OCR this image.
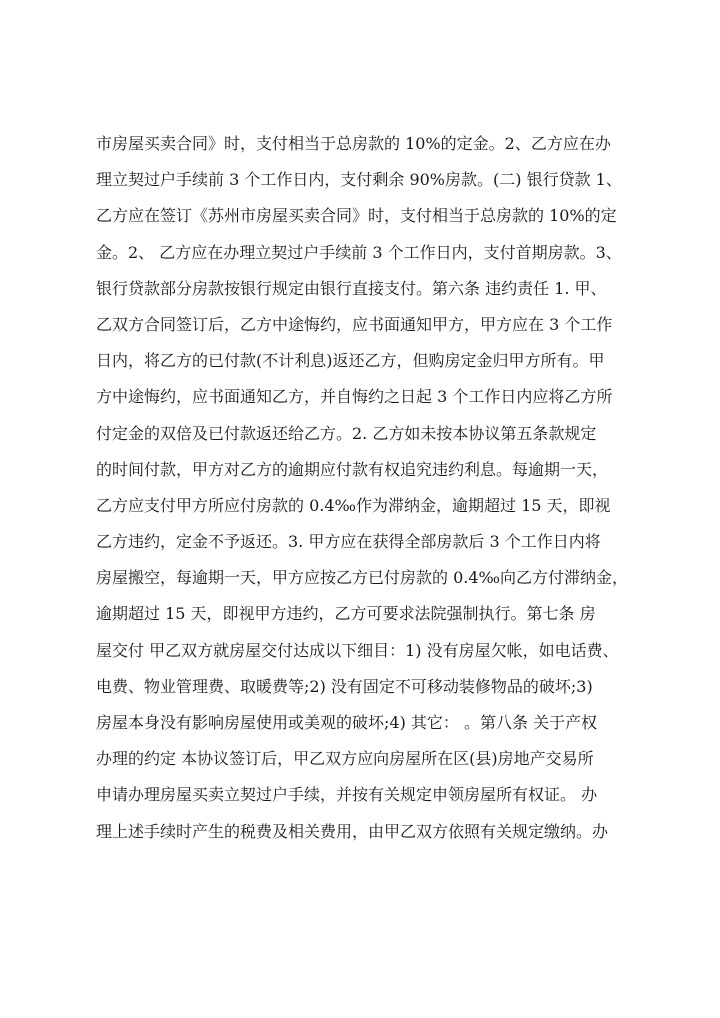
市房屋买卖合同》时，支付相当于总房款的 10%的定金。2、乙方应在办
理立契过户手续前 3 个工作日内，支付剩余 90%房款。(二) 银行贷款 1、
乙方应在签订《苏州市房屋买卖合同》时，支付相当于总房款的 10%的定
金。2、 乙方应在办理立契过户手续前 3 个工作日内，支付首期房款。3、
银行贷款部分房款按银行规定由银行直接支付。第六条 违约责任 1. 甲、
乙双方合同签订后，乙方中途悔约，应书面通知甲方，甲方应在 3 个工作
日内，将乙方的已付款(不计利息)返还乙方，但购房定金归甲方所有。甲
方中途悔约，应书面通知乙方，并自悔约之日起 3 个工作日内应将乙方所
付定金的双倍及已付款返还给乙方。2. 乙方如未按本协议第五条款规定
的时间付款，甲方对乙方的逾期应付款有权追究违约利息。每逾期一天，
乙方应支付甲方所应付房款的 0.4‰作为滞纳金，逾期超过 15 天，即视
乙方违约，定金不予返还。3. 甲方应在获得全部房款后 3 个工作日内将
房屋搬空，每逾期一天，甲方应按乙方已付房款的 0.4‰向乙方付滞纳金，
逾期超过 15 天，即视甲方违约，乙方可要求法院强制执行。第七条 房
屋交付 甲乙双方就房屋交付达成以下细目：1) 没有房屋欠帐，如电话费、
电费、物业管理费、取暖费等;2) 没有固定不可移动装修物品的破坏;3)
房屋本身没有影响房屋使用或美观的破坏;4) 其它： 。第八条 关于产权
办理的约定 本协议签订后，甲乙双方应向房屋所在区(县)房地产交易所
申请办理房屋买卖立契过户手续，并按有关规定申领房屋所有权证。 办
理上述手续时产生的税费及相关费用，由甲乙双方依照有关规定缴纳。办
